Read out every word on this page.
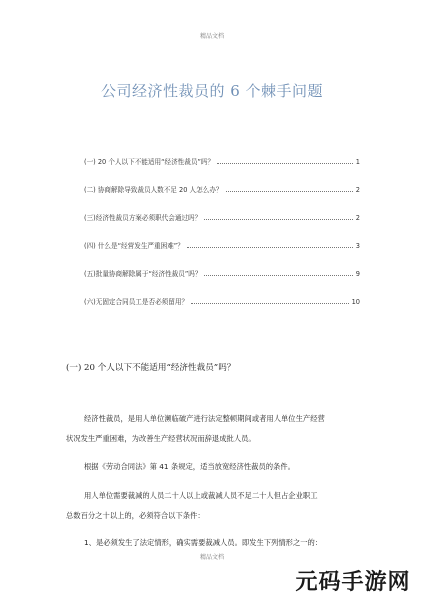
精品文档
公司经济性裁员的 6 个棘手问题
(一) 20 个人以下不能适用“经济性裁员”吗？	1
(二) 协商解除导致裁员人数不足 20 人怎么办？	2
(三)经济性裁员方案必须职代会通过吗？	2
(四) 什么是“经营发生严重困难”？	3
(五)批量协商解除属于“经济性裁员”吗？	9
(六)无固定合同员工是否必须留用？	10
(一) 20 个人以下不能适用“经济性裁员”吗？
经济性裁员，是用人单位濒临破产进行法定整顿期间或者用人单位生产经营
状况发生严重困难，为改善生产经营状况而辞退成批人员。
根据《劳动合同法》第 41 条规定，适当放宽经济性裁员的条件。
用人单位需要裁减的人员二十人以上或裁减人员不足二十人但占企业职工
总数百分之十以上的，必须符合以下条件：
1、是必须发生了法定情形，确实需要裁减人员。即发生下列情形之一的：
精品文档
元码手游网
